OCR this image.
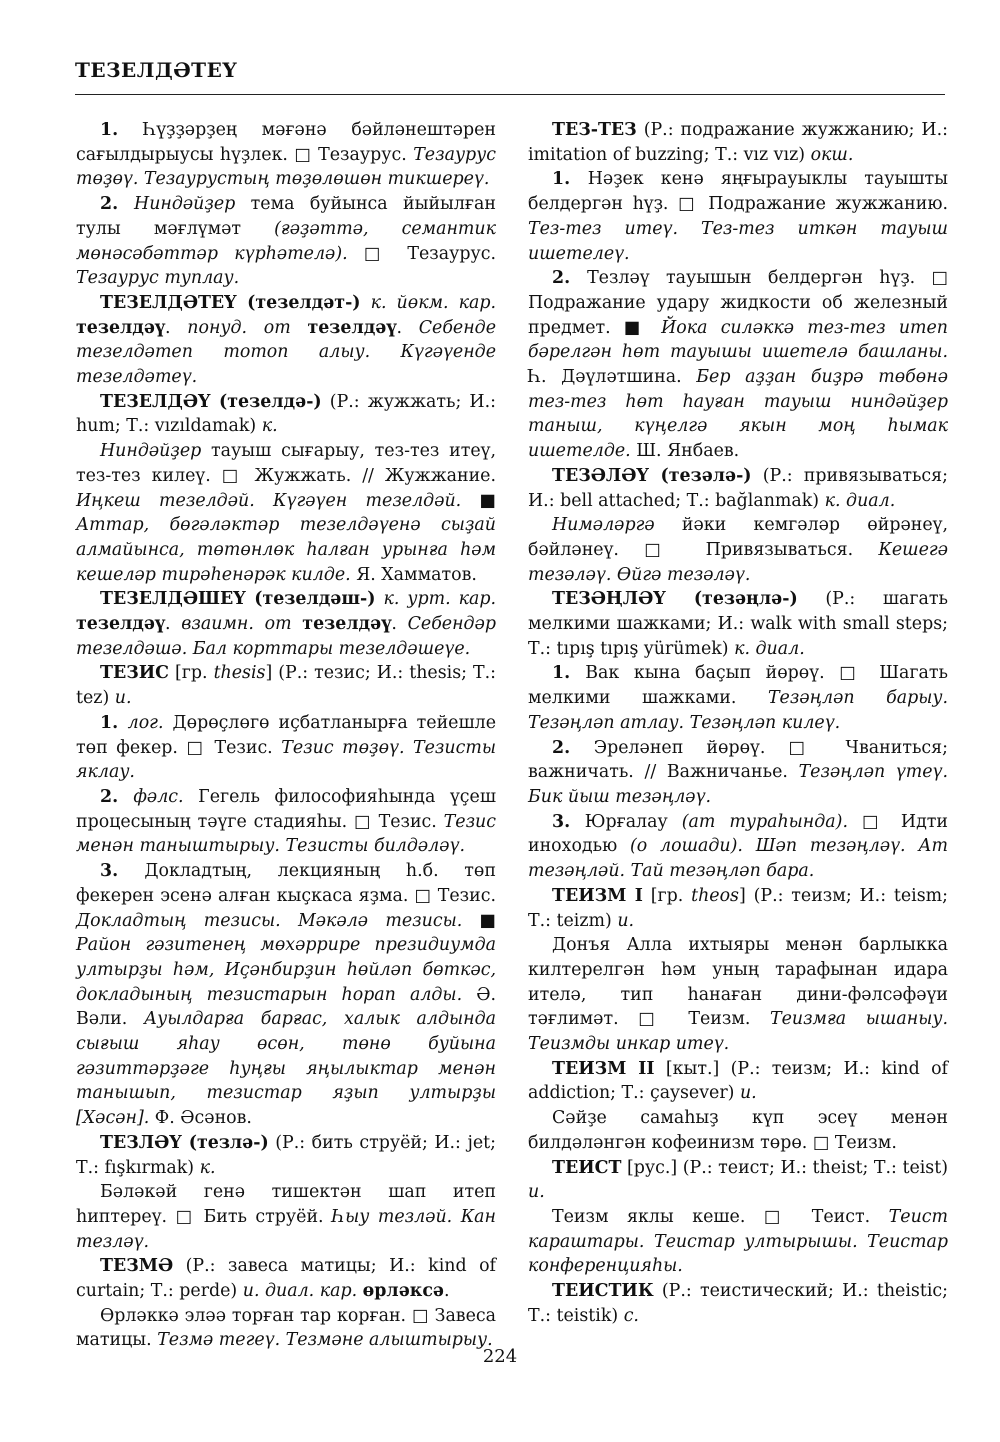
ТЕЗЕЛДӘТЕҮ

1. Һүҙҙәрҙең мәғәнә бәйләнештәрен сағылдырыусы һүҙлек. □ Тезаурус. Тезаурус төҙөү. Тезаурустың төҙөлөшөн тикшереү.

2. Ниндәйҙер тема буйынса йыйылған тулы мәғлүмәт (ғәҙәттә, семантик мөнәсәбәттәр күрһәтелә). □ Тезаурус. Тезаурус туплау.

ТЕЗЕЛДӘТЕҮ (тезелдәт-) к. йөкм. кар. тезелдәү. понуд. от тезелдәү. Себенде тезелдәтеп тотоп алыу. Күгәүенде тезелдәтеү.

ТЕЗЕЛДӘҮ (тезелдә-) (Р.: жужжать; И.: hum; Т.: vızıldamak) к.

Ниндәйҙер тауыш сығарыу, тез-тез итеү, тез-тез килеү. □ Жужжать. // Жужжание. Иңкеш тезелдәй. Күгәүен тезелдәй. ■ Аттар, бөгәләктәр тезелдәүенә сыҙай алмайынса, төтөнлөк һалған урынға һәм кешеләр тирәһенәрәк килде. Я. Хамматов.

ТЕЗЕЛДӘШЕҮ (тезелдәш-) к. урт. кар. тезелдәү. взаимн. от тезелдәү. Себендәр тезелдәшә. Бал корттары тезелдәшеүе.

ТЕЗИС [гр. thesis] (Р.: тезис; И.: thesis; Т.: tez) и.

1. лог. Дөрөҫлөгө иҫбатланырға тейешле төп фекер. □ Тезис. Тезис төҙөү. Тезисты яклау.

2. фәлс. Гегель философияһында үҫеш процесының тәүге стадияһы. □ Тезис. Тезис менән таныштырыу. Тезисты билдәләү.

3. Докладтың, лекцияның һ.б. төп фекерен эсенә алған кыҫкаса яҙма. □ Тезис. Докладтың тезисы. Мәкәлә тезисы. ■ Район гәзитенең мөхәррире президиумда ултырҙы һәм, Иҫәнбирҙин һөйләп бөткәс, докладының тезистарын һорап алды. Ә. Вәли. Ауылдарға барғас, халык алдында сығыш яһау өсөн, төнө буйына гәзиттәрҙәге һуңғы яңылыктар менән танышып, тезистар яҙып ултырҙы [Хәсән]. Ф. Әсәнов.

ТЕЗЛӘҮ (тезлә-) (Р.: бить струёй; И.: jet; Т.: fışkırmak) к.

Бәләкәй генә тишектән шап итеп һиптереү. □ Бить струёй. Һыу тезләй. Кан тезләү.

ТЕЗМӘ (Р.: завеса матицы; И.: kind of curtain; Т.: perde) и. диал. кар. өрләксә.

Өрләккә эләә торған тар корған. □ Завеса матицы. Тезмә тегеү. Тезмәне алыштырыу.

ТЕЗ-ТЕЗ (Р.: подражание жужжанию; И.: imitation of buzzing; Т.: vız vız) окш.

1. Нәҙек кенә яңғырауыклы тауышты белдергән һүҙ. □ Подражание жужжанию. Тез-тез итеү. Тез-тез иткән тауыш ишетелеү.

2. Тезләү тауышын белдергән һүҙ. □ Подражание удару жидкости об железный предмет. ■ Йока силәккә тез-тез итеп бәрелгән һөт тауышы ишетелә башланы. Һ. Дәүләтшина. Бер аҙҙан биҙрә төбөнә тез-тез һөт һауған тауыш ниндәйҙер таныш, күңелгә якын моң һымак ишетелде. Ш. Янбаев.

ТЕЗӘЛӘҮ (тезәлә-) (Р.: привязываться; И.: bell attached; Т.: bağlanmak) к. диал.

Нимәләргә йәки кемгәләр өйрәнеү, бәйләнеү. □ Привязываться. Кешегә тезәләү. Өйгә тезәләү.

ТЕЗӘҢЛӘҮ (тезәңлә-) (Р.: шагать мелкими шажками; И.: walk with small steps; Т.: tıpış tıpış yürümek) к. диал.

1. Вак кына баҫып йөрөү. □ Шагать мелкими шажками. Тезәңләп барыу. Тезәңләп атлау. Тезәңләп килеү.

2. Эреләнеп йөрөү. □ Чваниться; важничать. // Важничанье. Тезәңләп үтеү. Бик йыш тезәңләү.

3. Юрғалау (ат тураһында). □ Идти иноходью (о лошади). Шәп тезәңләү. Ат тезәңләй. Тай тезәңләп бара.

ТЕИЗМ I [гр. theos] (Р.: теизм; И.: teism; Т.: teizm) и.

Донъя Алла ихтыяры менән барлыкка килтерелгән һәм уның тарафынан идара ителә, тип һанаған дини-фәлсәфәүи тәғлимәт. □ Теизм. Теизмға ышаныу. Теизмды инкар итеү.

ТЕИЗМ II [кыт.] (Р.: теизм; И.: kind of addiction; Т.: çaysever) и.

Сәйҙе самаһыҙ күп эсеү менән билдәләнгән кофеинизм төрө. □ Теизм.

ТЕИСТ [рус.] (Р.: теист; И.: theist; Т.: teist) и.

Теизм яклы кеше. □ Теист. Теист караштары. Теистар ултырышы. Теистар конференцияһы.

ТЕИСТИК (Р.: теистический; И.: theistic; Т.: teistik) с.

224
